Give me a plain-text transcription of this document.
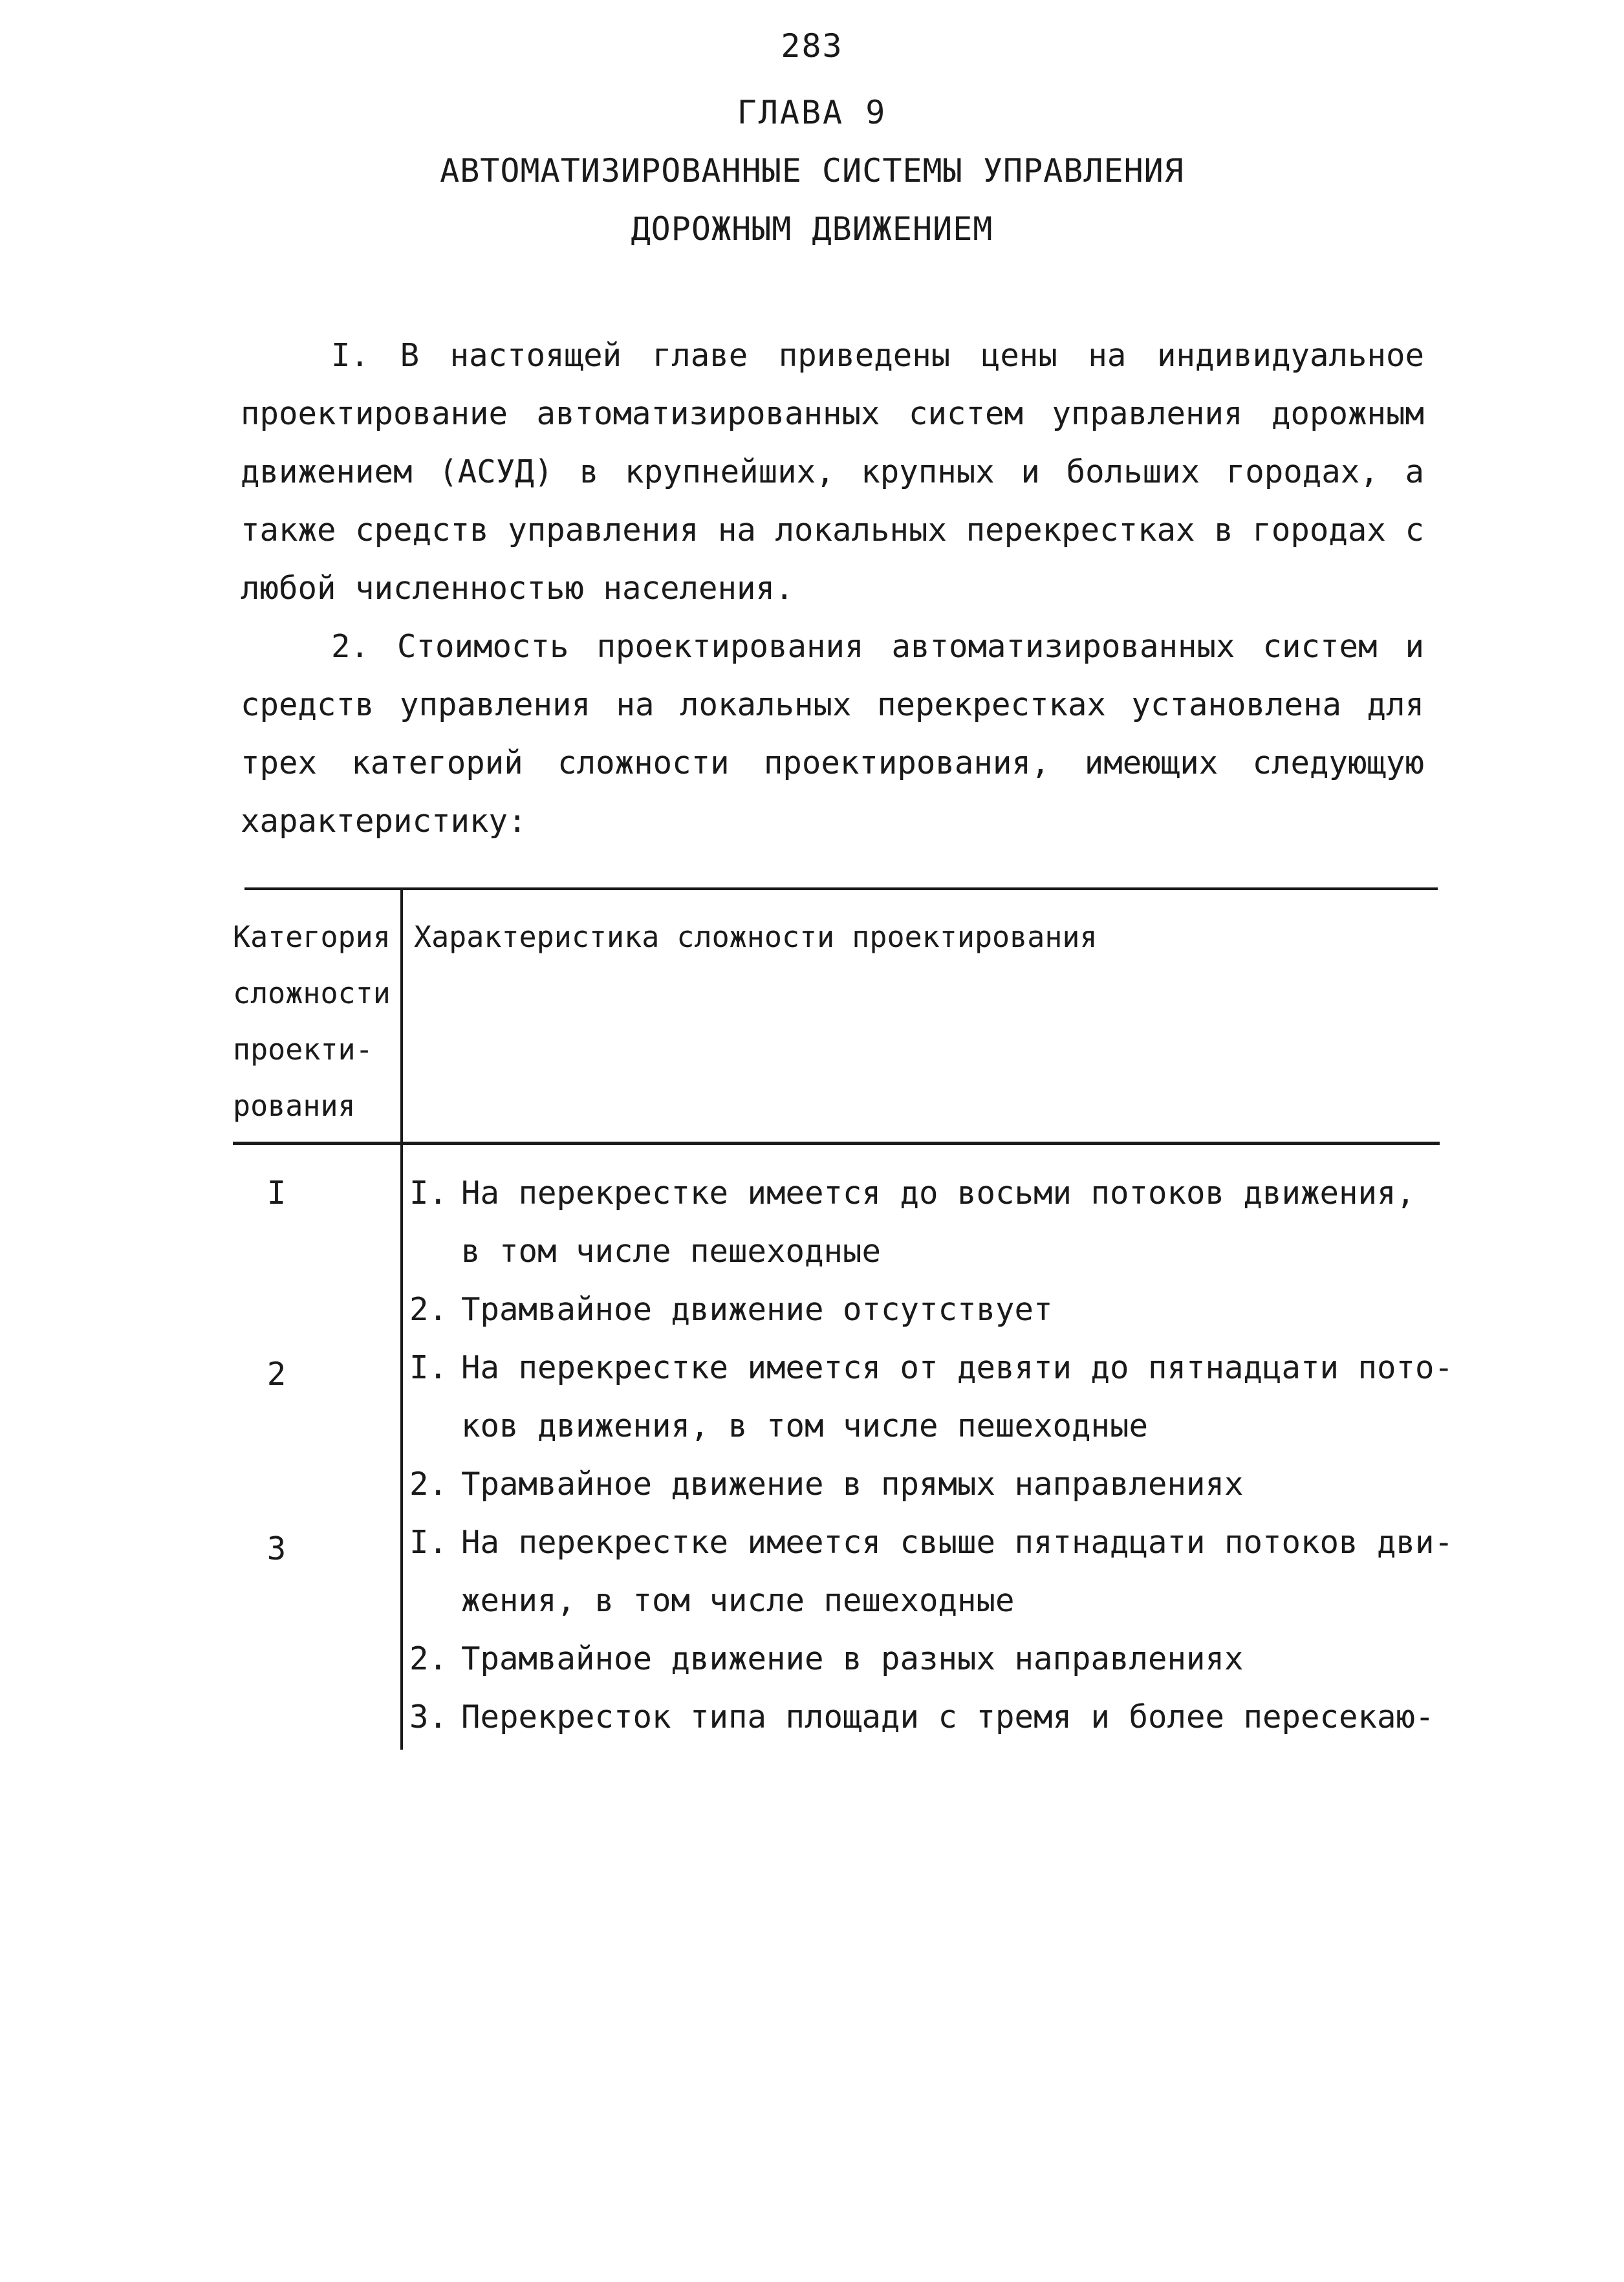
283
ГЛАВА 9
АВТОМАТИЗИРОВАННЫЕ СИСТЕМЫ УПРАВЛЕНИЯ
ДОРОЖНЫМ ДВИЖЕНИЕМ

I. В настоящей главе приведены цены на индивидуальное проектирование автоматизированных систем управления дорожным движением (АСУД) в крупнейших, крупных и больших городах, а также средств управления на локальных перекрестках в городах с любой численностью населения.

2. Стоимость проектирования автоматизированных систем и средств управления на локальных перекрестках установлена для трех категорий сложности проектирования, имеющих следующую характеристику:

Категория
сложности
проекти-
рования
Характеристика сложности проектирования
I
2
3
I. На перекрестке имеется до восьми потоков движения,
в том числе пешеходные
2. Трамвайное движение отсутствует
I. На перекрестке имеется от девяти до пятнадцати пото-
ков движения, в том числе пешеходные
2. Трамвайное движение в прямых направлениях
I. На перекрестке имеется свыше пятнадцати потоков дви-
жения, в том числе пешеходные
2. Трамвайное движение в разных направлениях
3. Перекресток типа площади с тремя и более пересекаю-
